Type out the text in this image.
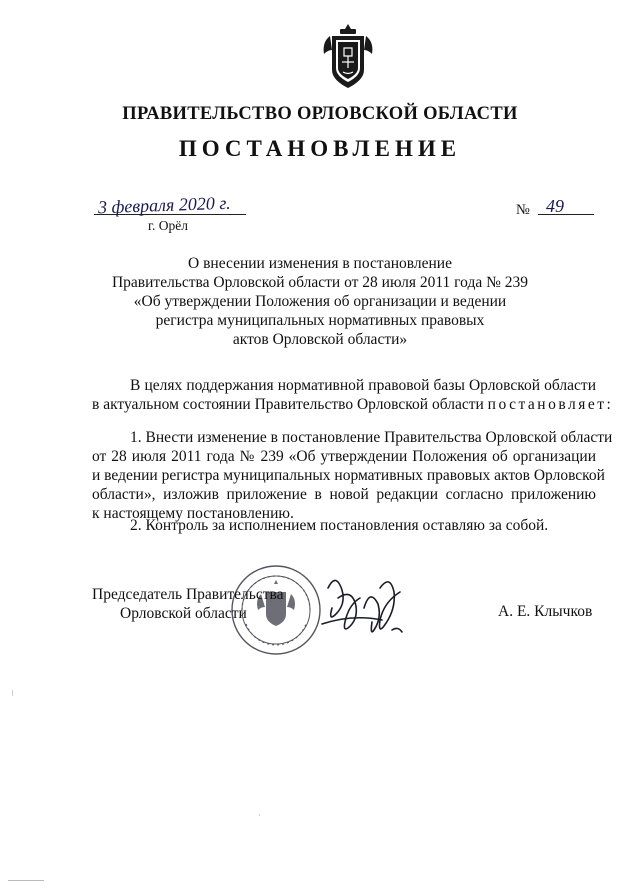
ПРАВИТЕЛЬСТВО ОРЛОВСКОЙ ОБЛАСТИ
ПОСТАНОВЛЕНИЕ
3 февраля 2020 г.
г. Орёл
№ 49
О внесении изменения в постановление
Правительства Орловской области от 28 июля 2011 года № 239
«Об утверждении Положения об организации и ведении
регистра муниципальных нормативных правовых
актов Орловской области»
В целях поддержания нормативной правовой базы Орловской области
в актуальном состоянии Правительство Орловской области постановляет:
1. Внести изменение в постановление Правительства Орловской области
от 28 июля 2011 года № 239 «Об утверждении Положения об организации
и ведении регистра муниципальных нормативных правовых актов Орловской
области», изложив приложение в новой редакции согласно приложению
к настоящему постановлению.
2. Контроль за исполнением постановления оставляю за собой.
Председатель Правительства
Орловской области	А. Е. Клычков
·
